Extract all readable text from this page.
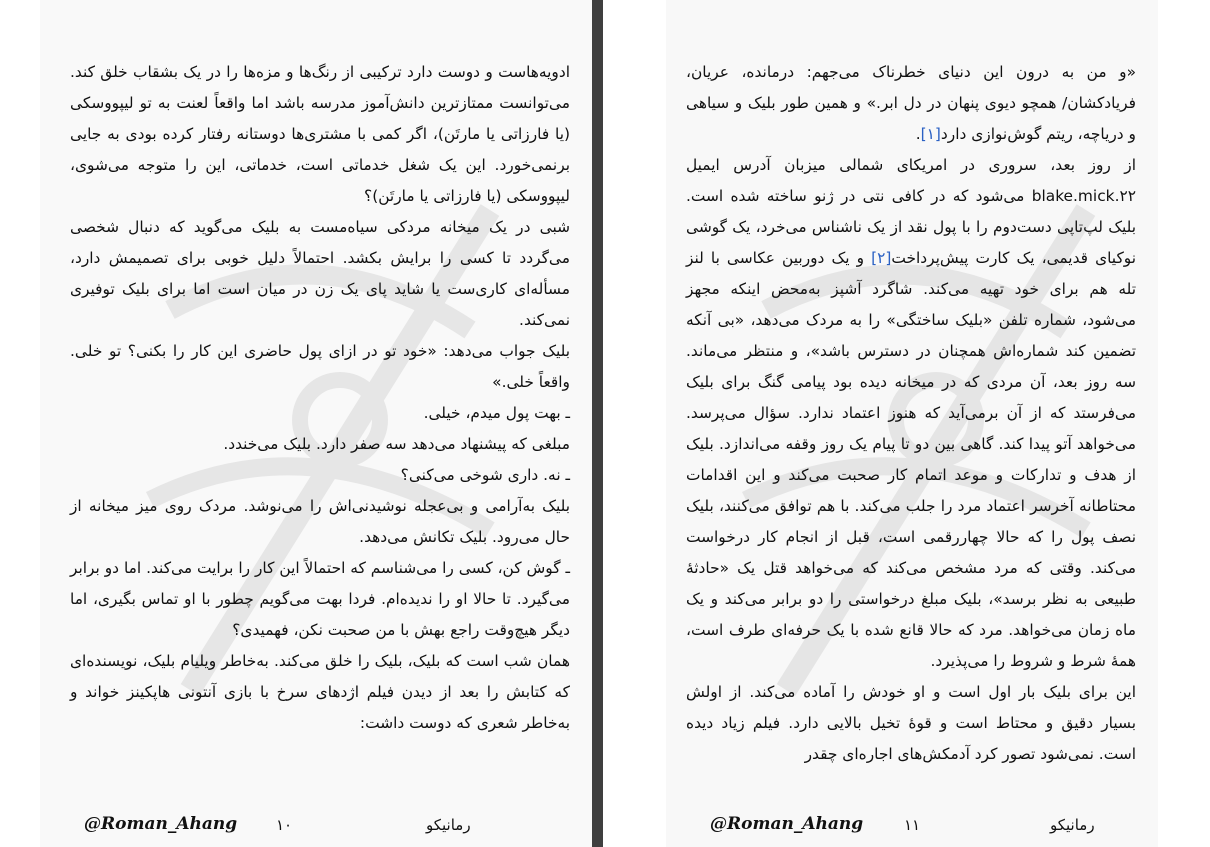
ادویه‌هاست و دوست دارد ترکیبی از رنگ‌ها و مزه‌ها را در یک بشقاب خلق کند. می‌توانست ممتازترین دانش‌آموز مدرسه باشد اما واقعاً لعنت به تو لیپووسکی (یا فارزاتی یا مارتَن)، اگر کمی با مشتری‌ها دوستانه رفتار کرده بودی به جایی برنمی‌خورد. این یک شغل خدماتی است، خدماتی، این را متوجه می‌شوی، لیپووسکی (یا فارزاتی یا مارتَن)؟

شبی در یک میخانه مردکی سیاه‌مست به بلیک می‌گوید که دنبال شخصی می‌گردد تا کسی را برایش بکشد. احتمالاً دلیل خوبی برای تصمیمش دارد، مسأله‌ای کاری‌ست یا شاید پای یک زن در میان است اما برای بلیک توفیری نمی‌کند.

بلیک جواب می‌دهد: «خود تو در ازای پول حاضری این کار را بکنی؟ تو خلی. واقعاً خلی.»

ـ بهت پول میدم، خیلی.

مبلغی که پیشنهاد می‌دهد سه صفر دارد. بلیک می‌خندد.

ـ نه. داری شوخی می‌کنی؟

بلیک به‌آرامی و بی‌عجله نوشیدنی‌اش را می‌نوشد. مردک روی میز میخانه از حال می‌رود. بلیک تکانش می‌دهد.

ـ گوش کن، کسی را می‌شناسم که احتمالاً این کار را برایت می‌کند. اما دو برابر می‌گیرد. تا حالا او را ندیده‌ام. فردا بهت می‌گویم چطور با او تماس بگیری، اما دیگر هیچ‌وقت راجع بهش با من صحبت نکن، فهمیدی؟

همان شب است که بلیک، بلیک را خلق می‌کند. به‌خاطر ویلیام بلیک، نویسنده‌ای که کتابش را بعد از دیدن فیلم اژدهای سرخ با بازی آنتونی هاپکینز خواند و به‌خاطر شعری که دوست داشت:

@Roman_Ahang	۱۰	رمانیکو

«و من به درون این دنیای خطرناک می‌جهم: درمانده، عریان، فریادکشان/ همچو دیوی پنهان در دل ابر.» و همین طور بلیک و سیاهی و دریاچه، ریتم گوش‌نوازی دارد[۱].

از روز بعد، سروری در امریکای شمالی میزبان آدرس ایمیل blake.mick.۲۲ می‌شود که در کافی نتی در ژنو ساخته شده است. بلیک لپ‌تاپی دست‌دوم را با پول نقد از یک ناشناس می‌خرد، یک گوشی نوکیای قدیمی، یک کارت پیش‌پرداخت[۲] و یک دوربین عکاسی با لنز تله هم برای خود تهیه می‌کند. شاگرد آشپز به‌محض اینکه مجهز می‌شود، شماره تلفن «بلیک ساختگی» را به مردک می‌دهد، «بی آنکه تضمین کند شماره‌اش همچنان در دسترس باشد»، و منتظر می‌ماند. سه روز بعد، آن مردی که در میخانه دیده بود پیامی گنگ برای بلیک می‌فرستد که از آن برمی‌آید که هنوز اعتماد ندارد. سؤال می‌پرسد. می‌خواهد آتو پیدا کند. گاهی بین دو تا پیام یک روز وقفه می‌اندازد. بلیک از هدف و تدارکات و موعد اتمام کار صحبت می‌کند و این اقدامات محتاطانه آخرسر اعتماد مرد را جلب می‌کند. با هم توافق می‌کنند، بلیک نصف پول را که حالا چهاررقمی است، قبل از انجام کار درخواست می‌کند. وقتی که مرد مشخص می‌کند که می‌خواهد قتل یک «حادثهٔ طبیعی به نظر برسد»، بلیک مبلغ درخواستی را دو برابر می‌کند و یک ماه زمان می‌خواهد. مرد که حالا قانع شده با یک حرفه‌ای طرف است، همهٔ شرط و شروط را می‌پذیرد.

این برای بلیک بار اول است و او خودش را آماده می‌کند. از اولش بسیار دقیق و محتاط است و قوهٔ تخیل بالایی دارد. فیلم زیاد دیده است. نمی‌شود تصور کرد آدمکش‌های اجاره‌ای چقدر

@Roman_Ahang	۱۱	رمانیکو
